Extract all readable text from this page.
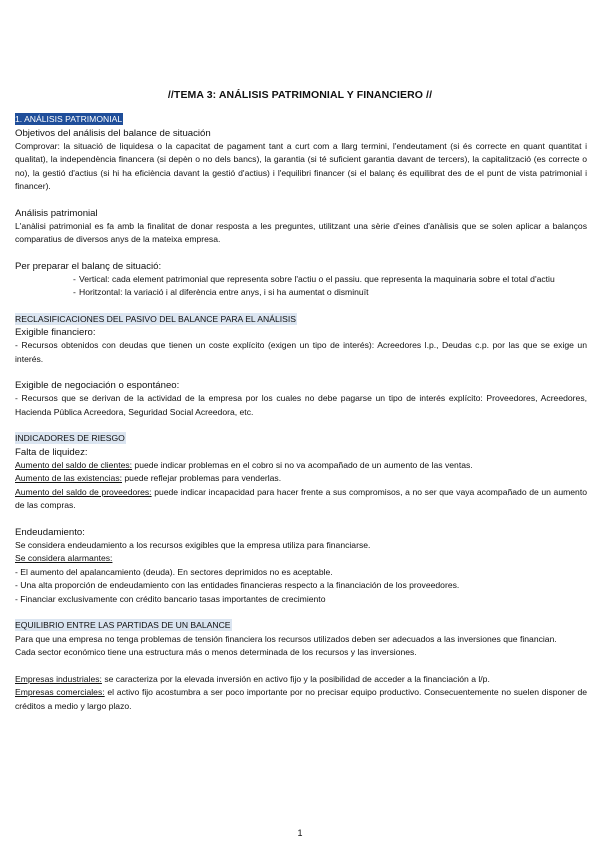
//TEMA 3: ANÁLISIS PATRIMONIAL Y FINANCIERO //

1. ANÁLISIS PATRIMONIAL

Objetivos del análisis del balance de situación

Comprovar: la situació de liquidesa o la capacitat de pagament tant a curt com a llarg termini, l'endeutament (si és correcte en quant quantitat i qualitat), la independència financera (si depèn o no dels bancs), la garantia (si té suficient garantia davant de tercers), la capitalització (es correcte o no), la gestió d'actius (si hi ha eficiència davant la gestió d'actius) i l'equilibri financer (si el balanç és equilibrat des de el punt de vista patrimonial i financer).

Análisis patrimonial

L'anàlisi patrimonial es fa amb la finalitat de donar resposta a les preguntes, utilitzant una sèrie d'eines d'anàlisis que se solen aplicar a balanços comparatius de diversos anys de la mateixa empresa.

Per preparar el balanç de situació:

- Vertical: cada element patrimonial que representa sobre l'actiu o el passiu. que representa la maquinaria sobre el total d'actiu
- Horitzontal: la variació i al diferència entre anys, i si ha aumentat o disminuït

RECLASIFICACIONES DEL PASIVO DEL BALANCE PARA EL ANÁLISIS

Exigible financiero:

- Recursos obtenidos con deudas que tienen un coste explícito (exigen un tipo de interés): Acreedores l.p., Deudas c.p. por las que se exige un interés.

Exigible de negociación o espontáneo:

- Recursos que se derivan de la actividad de la empresa por los cuales no debe pagarse un tipo de interés explícito: Proveedores, Acreedores, Hacienda Pública Acreedora, Seguridad Social Acreedora, etc.

INDICADORES DE RIESGO

Falta de liquidez:

Aumento del saldo de clientes: puede indicar problemas en el cobro si no va acompañado de un aumento de las ventas.

Aumento de las existencias: puede reflejar problemas para venderlas.

Aumento del saldo de proveedores: puede indicar incapacidad para hacer frente a sus compromisos, a no ser que vaya acompañado de un aumento de las compras.

Endeudamiento:

Se considera endeudamiento a los recursos exigibles que la empresa utiliza para financiarse.

Se considera alarmantes:

- El aumento del apalancamiento (deuda). En sectores deprimidos no es aceptable.

- Una alta proporción de endeudamiento con las entidades financieras respecto a la financiación de los proveedores.

- Financiar exclusivamente con crédito bancario tasas importantes de crecimiento

EQUILIBRIO ENTRE LAS PARTIDAS DE UN BALANCE

Para que una empresa no tenga problemas de tensión financiera los recursos utilizados deben ser adecuados a las inversiones que financian.

Cada sector económico tiene una estructura más o menos determinada de los recursos y las inversiones.

Empresas industriales: se caracteriza por la elevada inversión en activo fijo y la posibilidad de acceder a la financiación a l/p.

Empresas comerciales: el activo fijo acostumbra a ser poco importante por no precisar equipo productivo. Consecuentemente no suelen disponer de créditos a medio y largo plazo.

1
